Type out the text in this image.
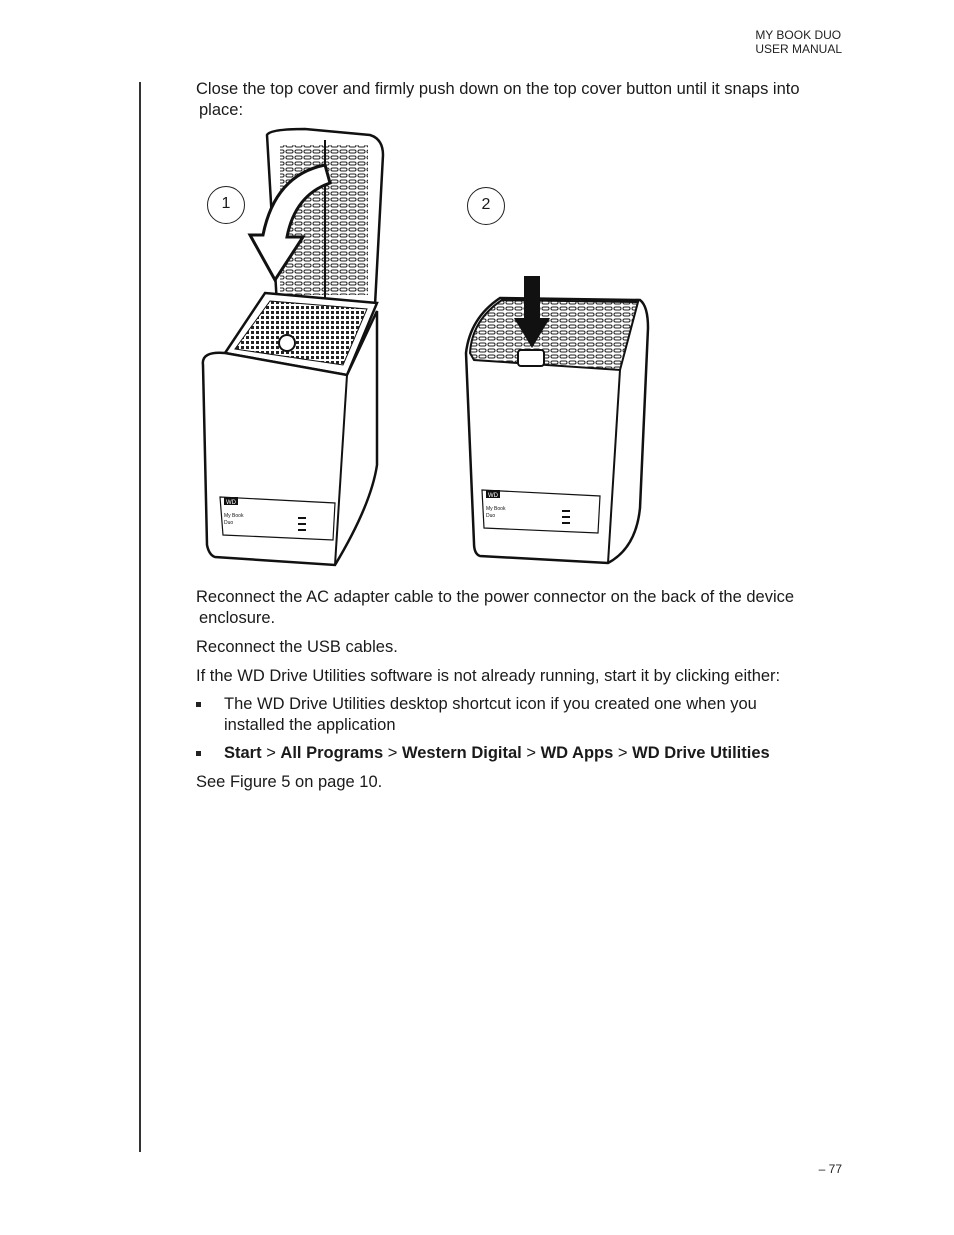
MY BOOK DUO
USER MANUAL
Close the top cover and firmly push down on the top cover button until it snaps into
place:
1	2
WD
My Book
Duo
WD
My Book
Duo
Reconnect the AC adapter cable to the power connector on the back of the device
enclosure.
Reconnect the USB cables.
If the WD Drive Utilities software is not already running, start it by clicking either:
The WD Drive Utilities desktop shortcut icon if you created one when you
installed the application
Start > All Programs > Western Digital > WD Apps > WD Drive Utilities
See Figure 5 on page 10.
– 77
